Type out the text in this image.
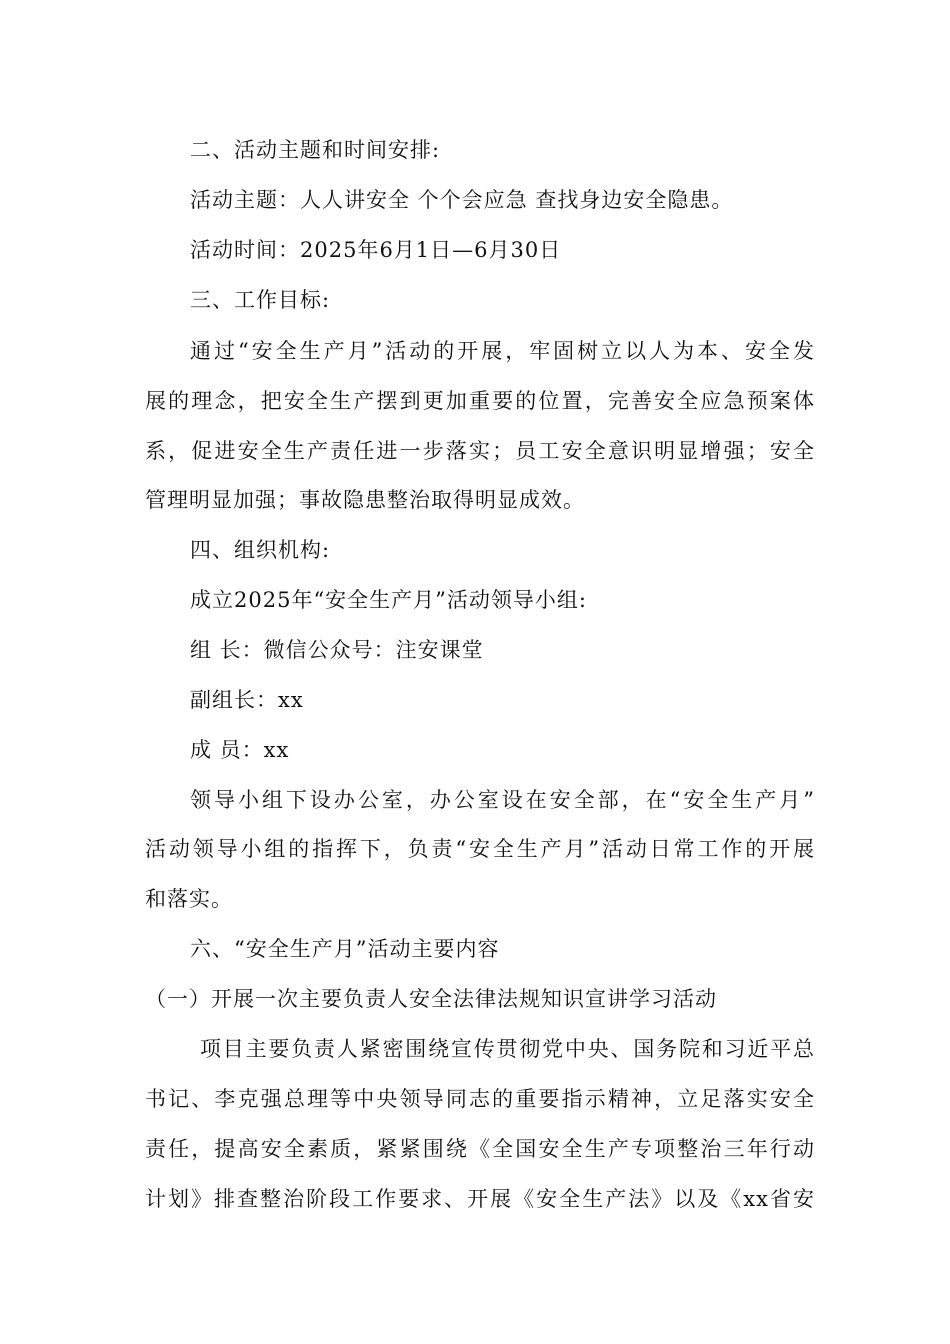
二、活动主题和时间安排:
活动主题：人人讲安全 个个会应急 查找身边安全隐患。
活动时间：2025年6月1日—6月30日
三、工作目标:
通过“安全生产月”活动的开展，牢固树立以人为本、安全发
展的理念，把安全生产摆到更加重要的位置，完善安全应急预案体
系，促进安全生产责任进一步落实；员工安全意识明显增强；安全
管理明显加强；事故隐患整治取得明显成效。
四、组织机构:
成立2025年“安全生产月”活动领导小组:
组 长：微信公众号：注安课堂
副组长：xx
成 员：xx
领导小组下设办公室，办公室设在安全部，在“安全生产月”
活动领导小组的指挥下，负责“安全生产月”活动日常工作的开展
和落实。
六、“安全生产月”活动主要内容
（一）开展一次主要负责人安全法律法规知识宣讲学习活动
项目主要负责人紧密围绕宣传贯彻党中央、国务院和习近平总
书记、李克强总理等中央领导同志的重要指示精神，立足落实安全
责任，提高安全素质，紧紧围绕《全国安全生产专项整治三年行动
计划》排查整治阶段工作要求、开展《安全生产法》以及《xx省安
